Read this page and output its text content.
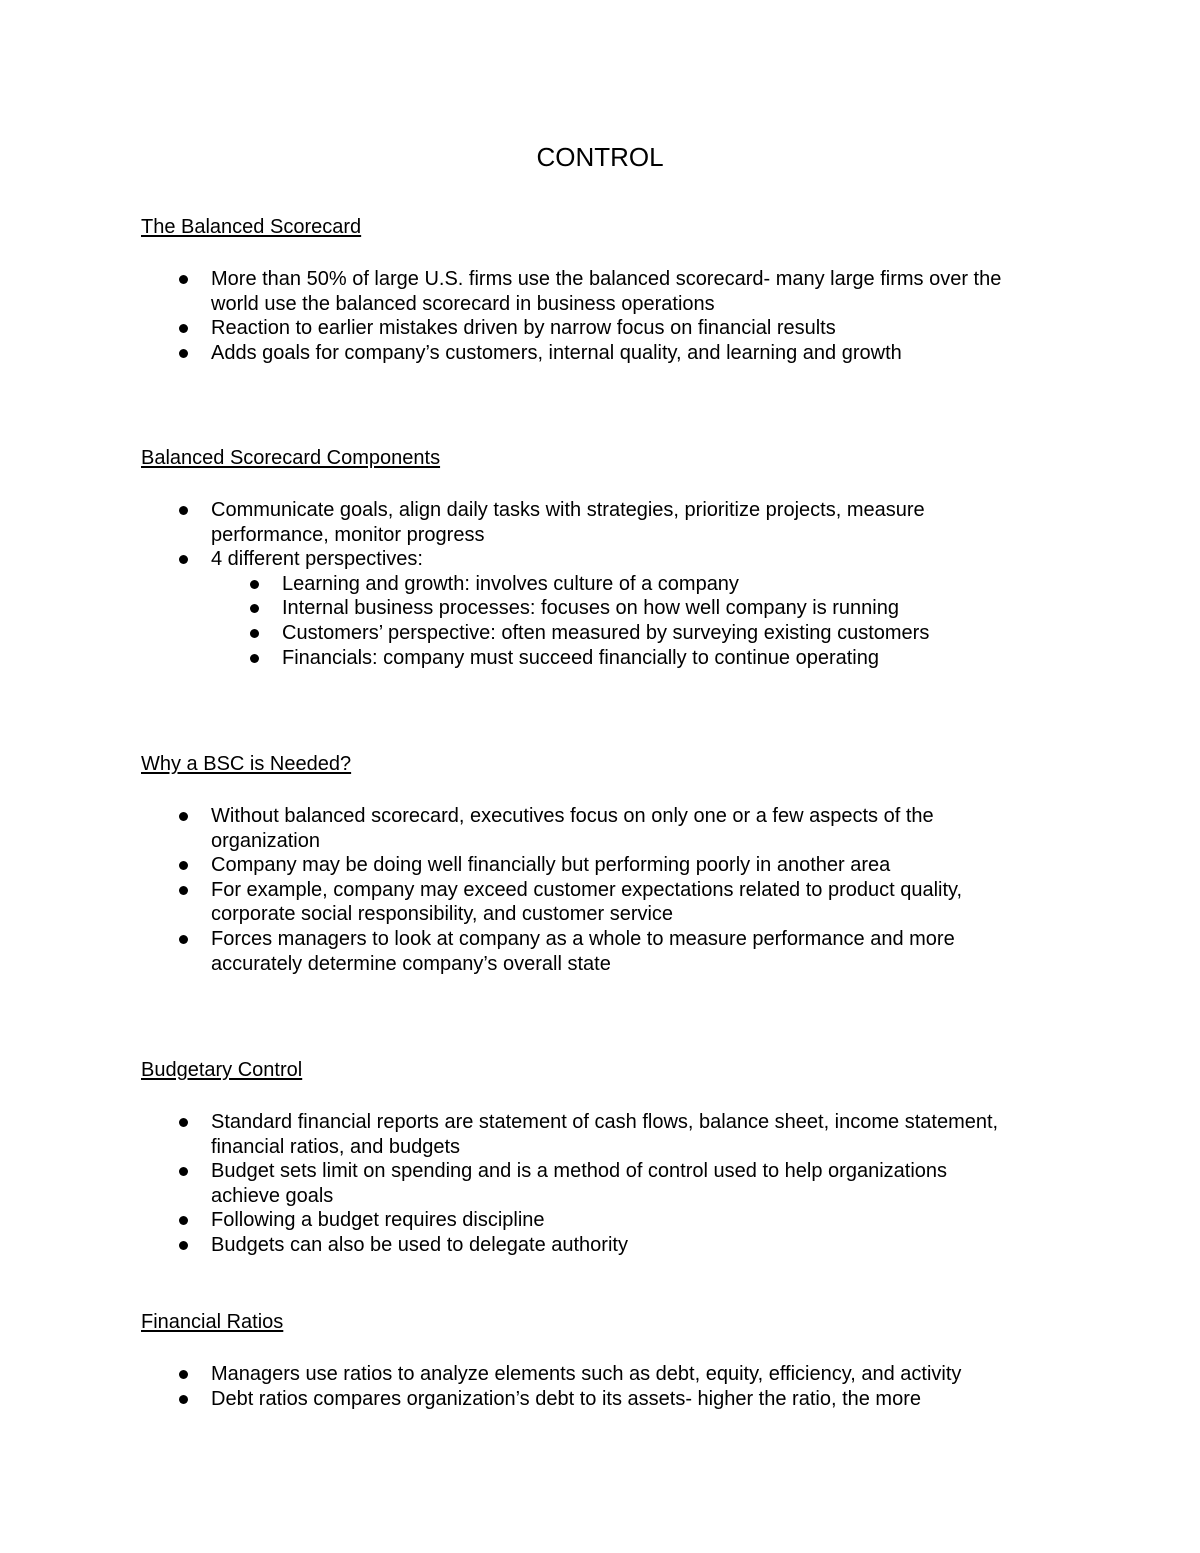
CONTROL
The Balanced Scorecard
More than 50% of large U.S. firms use the balanced scorecard- many large firms over the world use the balanced scorecard in business operations
Reaction to earlier mistakes driven by narrow focus on financial results
Adds goals for company’s customers, internal quality, and learning and growth
Balanced Scorecard Components
Communicate goals, align daily tasks with strategies, prioritize projects, measure performance, monitor progress
4 different perspectives:
Learning and growth: involves culture of a company
Internal business processes: focuses on how well company is running
Customers’ perspective: often measured by surveying existing customers
Financials: company must succeed financially to continue operating
Why a BSC is Needed?
Without balanced scorecard, executives focus on only one or a few aspects of the organization
Company may be doing well financially but performing poorly in another area
For example, company may exceed customer expectations related to product quality, corporate social responsibility, and customer service
Forces managers to look at company as a whole to measure performance and more accurately determine company’s overall state
Budgetary Control
Standard financial reports are statement of cash flows, balance sheet, income statement, financial ratios, and budgets
Budget sets limit on spending and is a method of control used to help organizations achieve goals
Following a budget requires discipline
Budgets can also be used to delegate authority
Financial Ratios
Managers use ratios to analyze elements such as debt, equity, efficiency, and activity
Debt ratios compares organization’s debt to its assets- higher the ratio, the more
